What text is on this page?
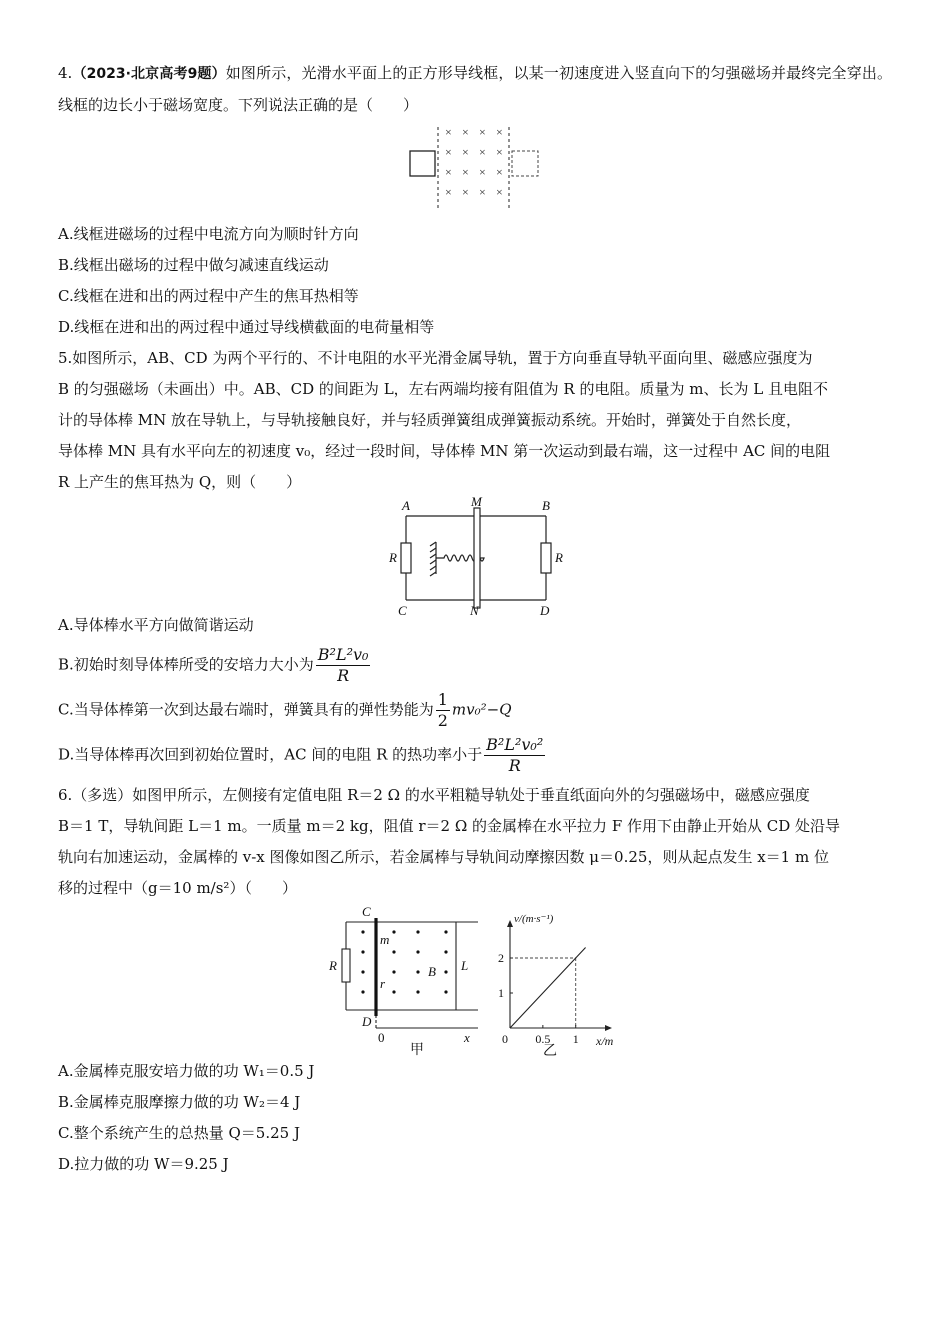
4.（2023·北京高考9题）如图所示，光滑水平面上的正方形导线框，以某一初速度进入竖直向下的匀强磁场并最终完全穿出。线框的边长小于磁场宽度。下列说法正确的是（　　）
× × × ×
× × × ×
× × × ×
× × × ×
A.线框进磁场的过程中电流方向为顺时针方向
B.线框出磁场的过程中做匀减速直线运动
C.线框在进和出的两过程中产生的焦耳热相等
D.线框在进和出的两过程中通过导线横截面的电荷量相等
5.如图所示，AB、CD 为两个平行的、不计电阻的水平光滑金属导轨，置于方向垂直导轨平面向里、磁感应强度为
B 的匀强磁场（未画出）中。AB、CD 的间距为 L，左右两端均接有阻值为 R 的电阻。质量为 m、长为 L 且电阻不
计的导体棒 MN 放在导轨上，与导轨接触良好，并与轻质弹簧组成弹簧振动系统。开始时，弹簧处于自然长度，
导体棒 MN 具有水平向左的初速度 v₀，经过一段时间，导体棒 MN 第一次运动到最右端，这一过程中 AC 间的电阻
R 上产生的焦耳热为 Q，则（　　）
A	B
C	D
M
N
R	R
A.导体棒水平方向做简谐运动
B.初始时刻导体棒所受的安培力大小为 $\frac{\text{B²L²v₀}}{R}$
C.当导体棒第一次到达最右端时，弹簧具有的弹性势能为 $\frac{1}{2} mv_0^2-Q$
D.当导体棒再次回到初始位置时，AC 间的电阻 R 的热功率小于 $\frac{\text{B²L²v₀²}}{R}$
6.（多选）如图甲所示，左侧接有定值电阻 R＝2 Ω 的水平粗糙导轨处于垂直纸面向外的匀强磁场中，磁感应强度
B＝1 T，导轨间距 L＝1 m。一质量 m＝2 kg，阻值 r＝2 Ω 的金属棒在水平拉力 F 作用下由静止开始从 CD 处沿导
轨向右加速运动，金属棒的 v-x 图像如图乙所示，若金属棒与导轨间动摩擦因数 μ＝0.25，则从起点发生 x＝1 m 位
移的过程中（g＝10 m/s²）（　　）
C
D
m
r
R	B L
x
0
甲
0.5 1
1
2
0
v/(m·s⁻¹)
x/m
乙
A.金属棒克服安培力做的功 W₁＝0.5 J
B.金属棒克服摩擦力做的功 W₂＝4 J
C.整个系统产生的总热量 Q＝5.25 J
D.拉力做的功 W＝9.25 J
